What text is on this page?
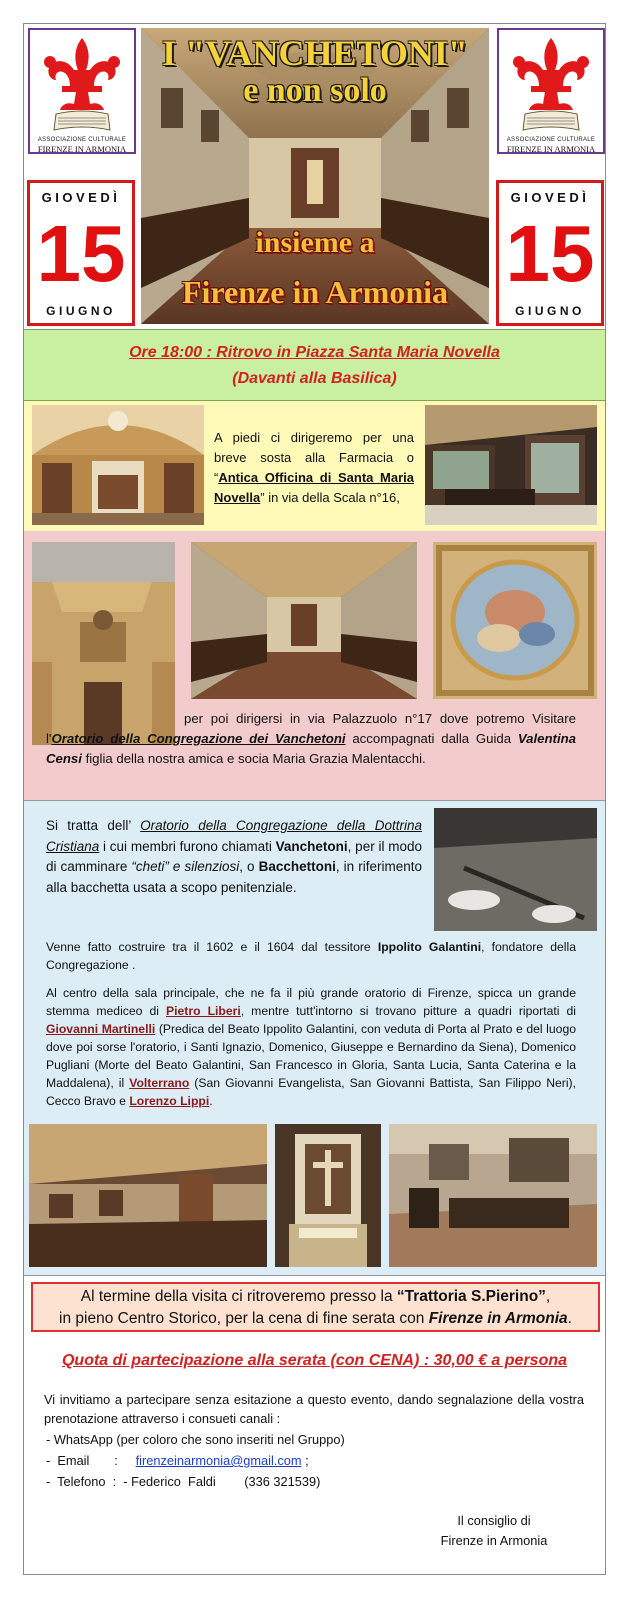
ASSOCIAZIONE CULTURALE
FIRENZE IN ARMONIA
ASSOCIAZIONE CULTURALE
FIRENZE IN ARMONIA
GIOVEDÌ
15
GIUGNO
GIOVEDÌ
15
GIUGNO
I "VANCHETONI"
e non solo
insieme a
Firenze in Armonia
Ore 18:00 : Ritrovo in Piazza Santa Maria Novella
(Davanti alla Basilica)

A piedi ci dirigeremo per una breve sosta alla Farmacia o “Antica Officina di Santa Maria Novella” in via della Scala n°16,

per poi dirigersi in via Palazzuolo n°17 dove potremo Visitare l'Oratorio della Congregazione dei Vanchetoni accompagnati dalla Guida Valentina Censi figlia della nostra amica e socia Maria Grazia Malentacchi.

Si tratta dell’ Oratorio della Congregazione della Dottrina Cristiana i cui membri furono chiamati Vanchetoni, per il modo di camminare “cheti” e silenziosi, o Bacchettoni, in riferimento alla bacchetta usata a scopo penitenziale.

Venne fatto costruire tra il 1602 e il 1604 dal tessitore Ippolito Galantini, fondatore della Congregazione .

Al centro della sala principale, che ne fa il più grande oratorio di Firenze, spicca un grande stemma mediceo di Pietro Liberi, mentre tutt'intorno si trovano pitture a quadri riportati di Giovanni Martinelli (Predica del Beato Ippolito Galantini, con veduta di Porta al Prato e del luogo dove poi sorse l'oratorio, i Santi Ignazio, Domenico, Giuseppe e Bernardino da Siena), Domenico Pugliani (Morte del Beato Galantini, San Francesco in Gloria, Santa Lucia, Santa Caterina e la Maddalena), il Volterrano (San Giovanni Evangelista, San Giovanni Battista, San Filippo Neri), Cecco Bravo e Lorenzo Lippi.

Al termine della visita ci ritroveremo presso la “Trattoria S.Pierino”,
in pieno Centro Storico, per la cena di fine serata con Firenze in Armonia.
Quota di partecipazione alla serata (con CENA) : 30,00 € a persona

Vi invitiamo a partecipare senza esitazione a questo evento, dando segnalazione della vostra prenotazione attraverso i consueti canali :

- WhatsApp (per coloro che sono inseriti nel Gruppo)
-  Email       : firenzeinarmonia@gmail.com ;
-  Telefono  :  - Federico  Faldi        (336 321539)
Il consiglio di
Firenze in Armonia
